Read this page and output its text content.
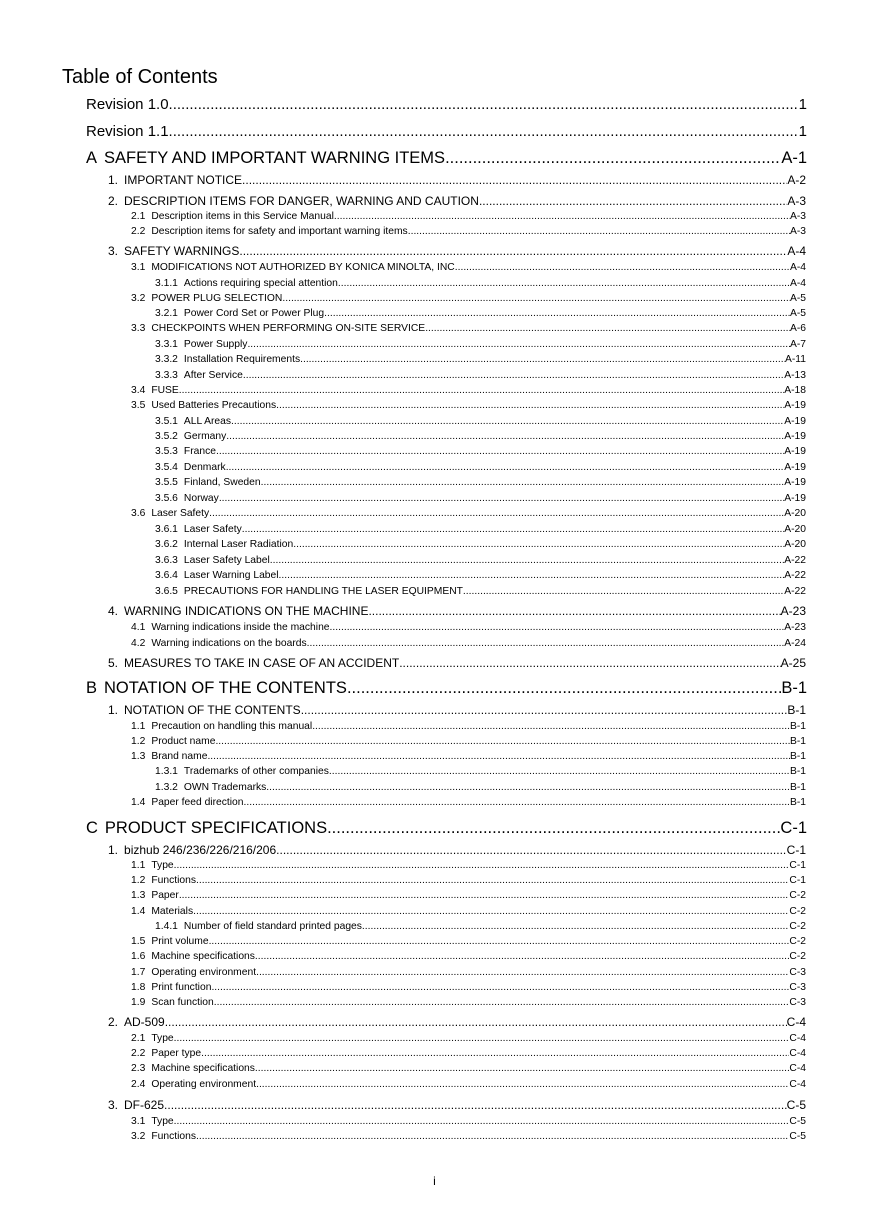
Table of Contents
Revision 1.0 .....	1
Revision 1.1 .....	1
A SAFETY AND IMPORTANT WARNING ITEMS .....	A-1
1. IMPORTANT NOTICE .....	A-2
2. DESCRIPTION ITEMS FOR DANGER, WARNING AND CAUTION .....	A-3
2.1 Description items in this Service Manual .....	A-3
2.2 Description items for safety and important warning items .....	A-3
3. SAFETY WARNINGS .....	A-4
3.1 MODIFICATIONS NOT AUTHORIZED BY KONICA MINOLTA, INC .....	A-4
3.1.1 Actions requiring special attention .....	A-4
3.2 POWER PLUG SELECTION .....	A-5
3.2.1 Power Cord Set or Power Plug .....	A-5
3.3 CHECKPOINTS WHEN PERFORMING ON-SITE SERVICE .....	A-6
3.3.1 Power Supply .....	A-7
3.3.2 Installation Requirements .....	A-11
3.3.3 After Service .....	A-13
3.4 FUSE .....	A-18
3.5 Used Batteries Precautions .....	A-19
3.5.1 ALL Areas .....	A-19
3.5.2 Germany .....	A-19
3.5.3 France .....	A-19
3.5.4 Denmark .....	A-19
3.5.5 Finland, Sweden .....	A-19
3.5.6 Norway .....	A-19
3.6 Laser Safety .....	A-20
3.6.1 Laser Safety .....	A-20
3.6.2 Internal Laser Radiation .....	A-20
3.6.3 Laser Safety Label .....	A-22
3.6.4 Laser Warning Label .....	A-22
3.6.5 PRECAUTIONS FOR HANDLING THE LASER EQUIPMENT .....	A-22
4. WARNING INDICATIONS ON THE MACHINE .....	A-23
4.1 Warning indications inside the machine .....	A-23
4.2 Warning indications on the boards .....	A-24
5. MEASURES TO TAKE IN CASE OF AN ACCIDENT .....	A-25
B NOTATION OF THE CONTENTS .....	B-1
1. NOTATION OF THE CONTENTS .....	B-1
1.1 Precaution on handling this manual .....	B-1
1.2 Product name .....	B-1
1.3 Brand name .....	B-1
1.3.1 Trademarks of other companies .....	B-1
1.3.2 OWN Trademarks .....	B-1
1.4 Paper feed direction .....	B-1
C PRODUCT SPECIFICATIONS .....	C-1
1. bizhub 246/236/226/216/206 .....	C-1
1.1 Type .....	C-1
1.2 Functions .....	C-1
1.3 Paper .....	C-2
1.4 Materials .....	C-2
1.4.1 Number of field standard printed pages .....	C-2
1.5 Print volume .....	C-2
1.6 Machine specifications .....	C-2
1.7 Operating environment .....	C-3
1.8 Print function .....	C-3
1.9 Scan function .....	C-3
2. AD-509 .....	C-4
2.1 Type .....	C-4
2.2 Paper type .....	C-4
2.3 Machine specifications .....	C-4
2.4 Operating environment .....	C-4
3. DF-625 .....	C-5
3.1 Type .....	C-5
3.2 Functions .....	C-5
i
